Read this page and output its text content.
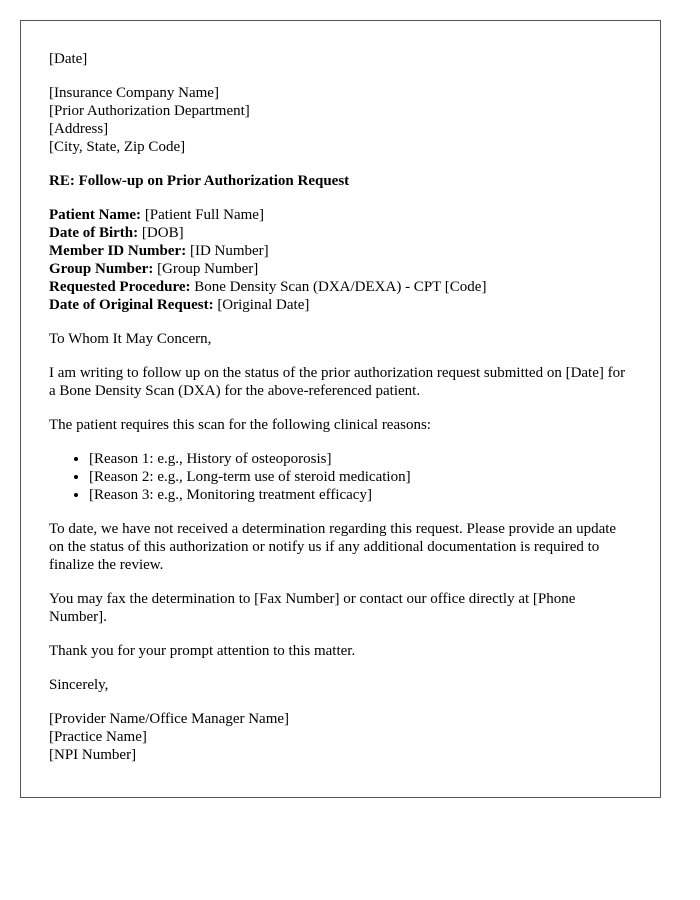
[Date]
[Insurance Company Name]
[Prior Authorization Department]
[Address]
[City, State, Zip Code]
RE: Follow-up on Prior Authorization Request
Patient Name: [Patient Full Name]
Date of Birth: [DOB]
Member ID Number: [ID Number]
Group Number: [Group Number]
Requested Procedure: Bone Density Scan (DXA/DEXA) - CPT [Code]
Date of Original Request: [Original Date]

To Whom It May Concern,

I am writing to follow up on the status of the prior authorization request submitted on [Date] for a Bone Density Scan (DXA) for the above-referenced patient.

The patient requires this scan for the following clinical reasons:

• [Reason 1: e.g., History of osteoporosis]
• [Reason 2: e.g., Long-term use of steroid medication]
• [Reason 3: e.g., Monitoring treatment efficacy]

To date, we have not received a determination regarding this request. Please provide an update on the status of this authorization or notify us if any additional documentation is required to finalize the review.

You may fax the determination to [Fax Number] or contact our office directly at [Phone Number].

Thank you for your prompt attention to this matter.

Sincerely,

[Provider Name/Office Manager Name]
[Practice Name]
[NPI Number]
